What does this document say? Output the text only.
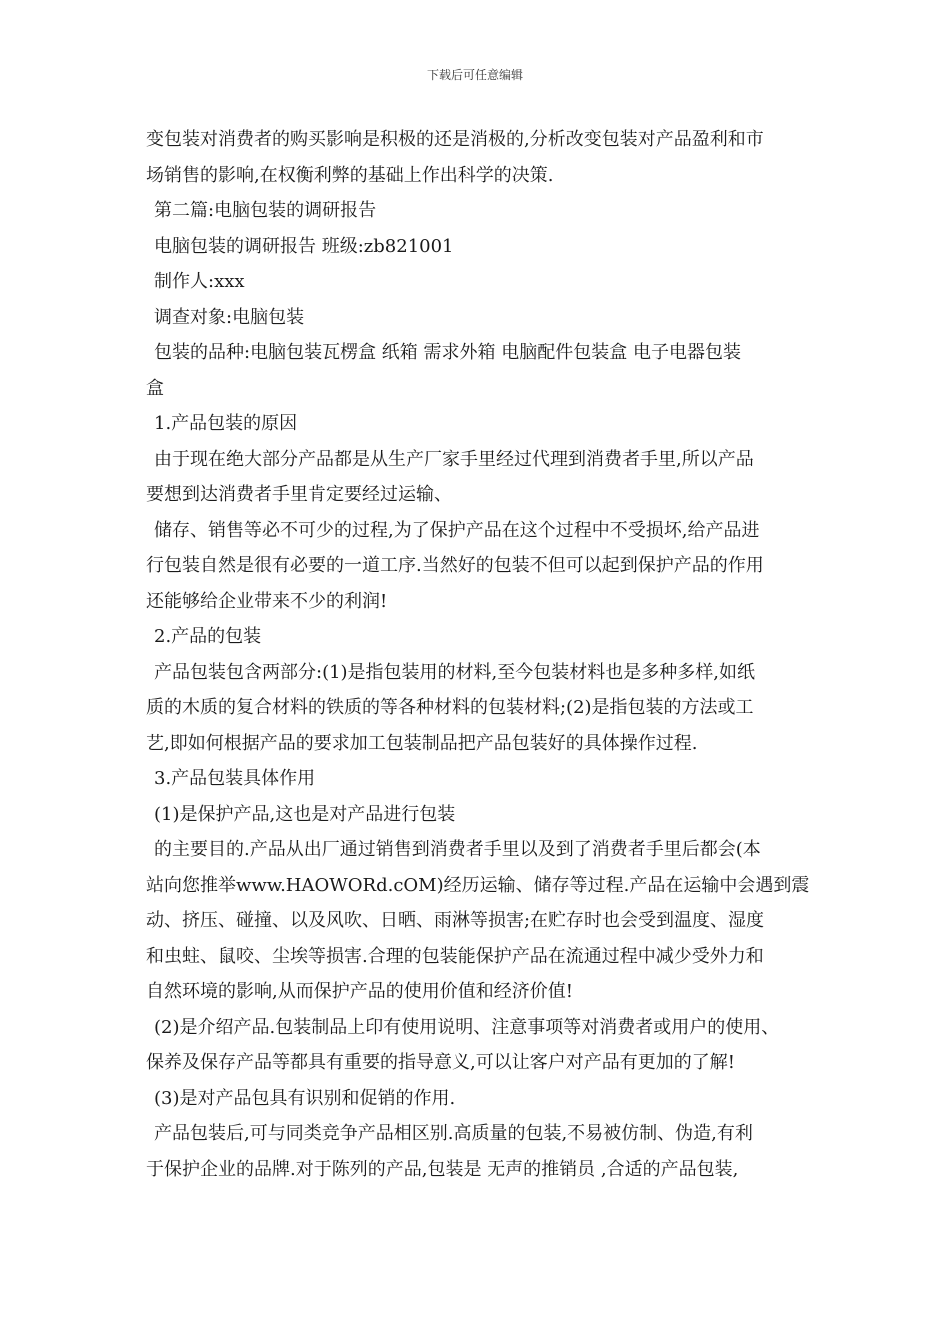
下载后可任意编辑
变包装对消费者的购买影响是积极的还是消极的,分析改变包装对产品盈利和市
场销售的影响,在权衡利弊的基础上作出科学的决策.
第二篇:电脑包装的调研报告
电脑包装的调研报告 班级:zb821001
制作人:xxx
调查对象:电脑包装
包装的品种:电脑包装瓦楞盒 纸箱 需求外箱 电脑配件包装盒 电子电器包装
盒
1.产品包装的原因
由于现在绝大部分产品都是从生产厂家手里经过代理到消费者手里,所以产品
要想到达消费者手里肯定要经过运输、
储存、销售等必不可少的过程,为了保护产品在这个过程中不受损坏,给产品进
行包装自然是很有必要的一道工序.当然好的包装不但可以起到保护产品的作用
还能够给企业带来不少的利润!
2.产品的包装
产品包装包含两部分:(1)是指包装用的材料,至今包装材料也是多种多样,如纸
质的木质的复合材料的铁质的等各种材料的包装材料;(2)是指包装的方法或工
艺,即如何根据产品的要求加工包装制品把产品包装好的具体操作过程.
3.产品包装具体作用
(1)是保护产品,这也是对产品进行包装
的主要目的.产品从出厂通过销售到消费者手里以及到了消费者手里后都会(本
站向您推举www.HAOWORd.cOM)经历运输、储存等过程.产品在运输中会遇到震
动、挤压、碰撞、以及风吹、日晒、雨淋等损害;在贮存时也会受到温度、湿度
和虫蛀、鼠咬、尘埃等损害.合理的包装能保护产品在流通过程中减少受外力和
自然环境的影响,从而保护产品的使用价值和经济价值!
(2)是介绍产品.包装制品上印有使用说明、注意事项等对消费者或用户的使用、
保养及保存产品等都具有重要的指导意义,可以让客户对产品有更加的了解!
(3)是对产品包具有识别和促销的作用.
产品包装后,可与同类竞争产品相区别.高质量的包装,不易被仿制、伪造,有利
于保护企业的品牌.对于陈列的产品,包装是 无声的推销员 ,合适的产品包装,
